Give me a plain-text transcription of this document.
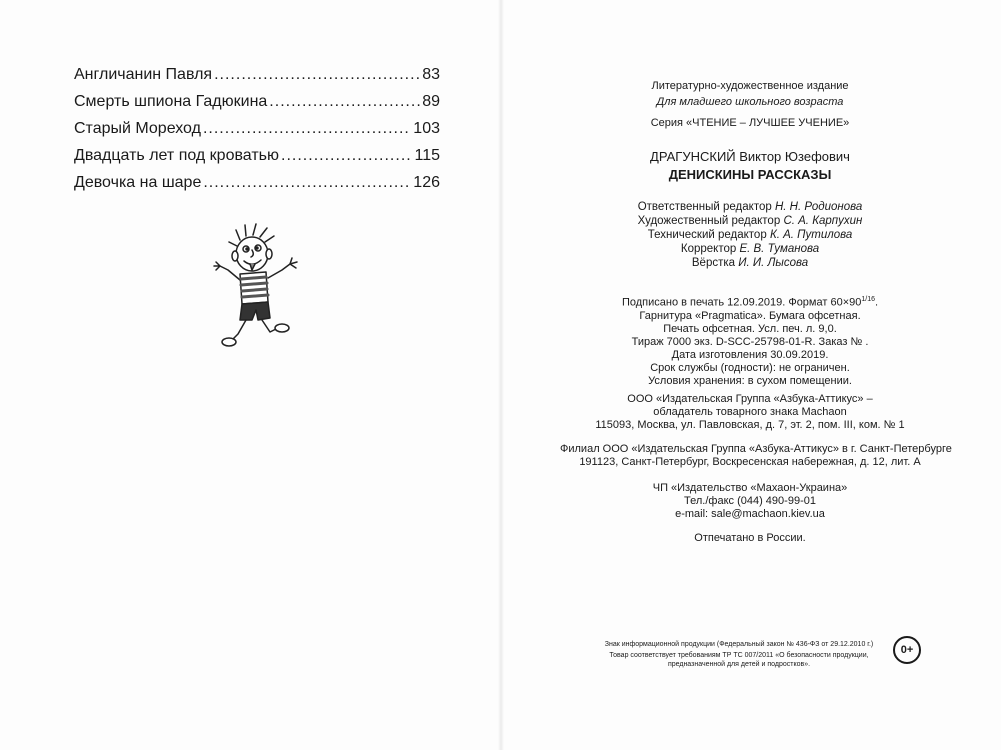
Англичанин Павля .....	83
Смерть шпиона Гадюкина .....	89
Старый Мореход .....	103
Двадцать лет под кроватью .....	115
Девочка на шаре .....	126
Литературно-художественное издание
Для младшего школьного возраста
Серия «ЧТЕНИЕ – ЛУЧШЕЕ УЧЕНИЕ»
ДРАГУНСКИЙ Виктор Юзефович
ДЕНИСКИНЫ РАССКАЗЫ
Ответственный редактор Н. Н. Родионова
Художественный редактор С. А. Карпухин
Технический редактор К. А. Путилова
Корректор Е. В. Туманова
Вёрстка И. И. Лысова
Подписано в печать 12.09.2019. Формат $60\times 90^{1/16}$.
Гарнитура «Pragmatica». Бумага офсетная.
Печать офсетная. Усл. печ. л. 9,0.
Тираж 7000 экз. D-SCC-25798-01-R. Заказ № .
Дата изготовления 30.09.2019.
Срок службы (годности): не ограничен.
Условия хранения: в сухом помещении.
ООО «Издательская Группа «Азбука-Аттикус» –
обладатель товарного знака Machaon
115093, Москва, ул. Павловская, д. 7, эт. 2, пом. III, ком. № 1
Филиал ООО «Издательская Группа «Азбука-Аттикус» в г. Санкт-Петербурге
191123, Санкт-Петербург, Воскресенская набережная, д. 12, лит. А
ЧП «Издательство «Махаон-Украина»
Тел./факс (044) 490-99-01
e-mail: sale@machaon.kiev.ua
Отпечатано в России.
Знак информационной продукции (Федеральный закон № 436-ФЗ от 29.12.2010 г.)
Товар соответствует требованиям ТР ТС 007/2011 «О безопасности продукции,
предназначенной для детей и подростков».
0+
